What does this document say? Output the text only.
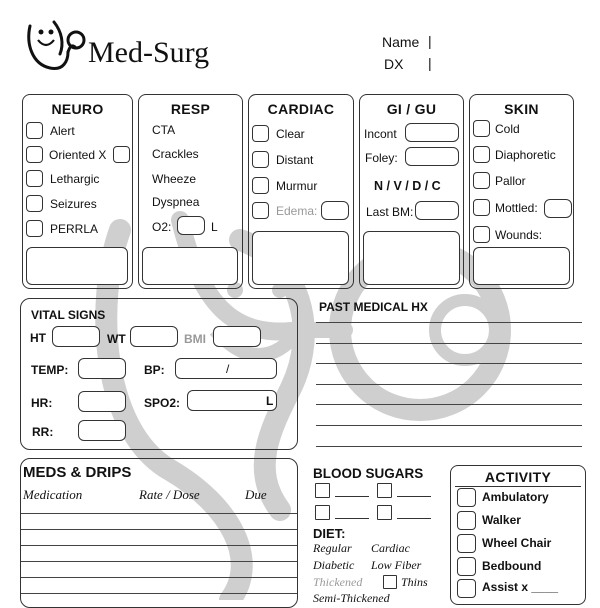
Med-Surg	Name |
DX |
NEURO
Alert
Oriented X
Lethargic
Seizures
PERRLA
RESP
CTA
Crackles
Wheeze
Dyspnea
O2:	L
CARDIAC
Clear
Distant
Murmur
Edema:
GI / GU
Incont
Foley:
N / V / D / C
Last BM:
SKIN
Cold
Diaphoretic
Pallor
Mottled:
Wounds:
VITAL SIGNS
HT	WT	BMI
TEMP:	BP:	/
HR:	SPO2:	L
RR:
PAST MEDICAL HX
MEDS & DRIPS
Medication	Rate / Dose	Due
BLOOD SUGARS
DIET:
Regular Cardiac
Diabetic Low Fiber
Thickened	Thins
Semi-Thickened
ACTIVITY
Ambulatory
Walker
Wheel Chair
Bedbound
Assist x ____
